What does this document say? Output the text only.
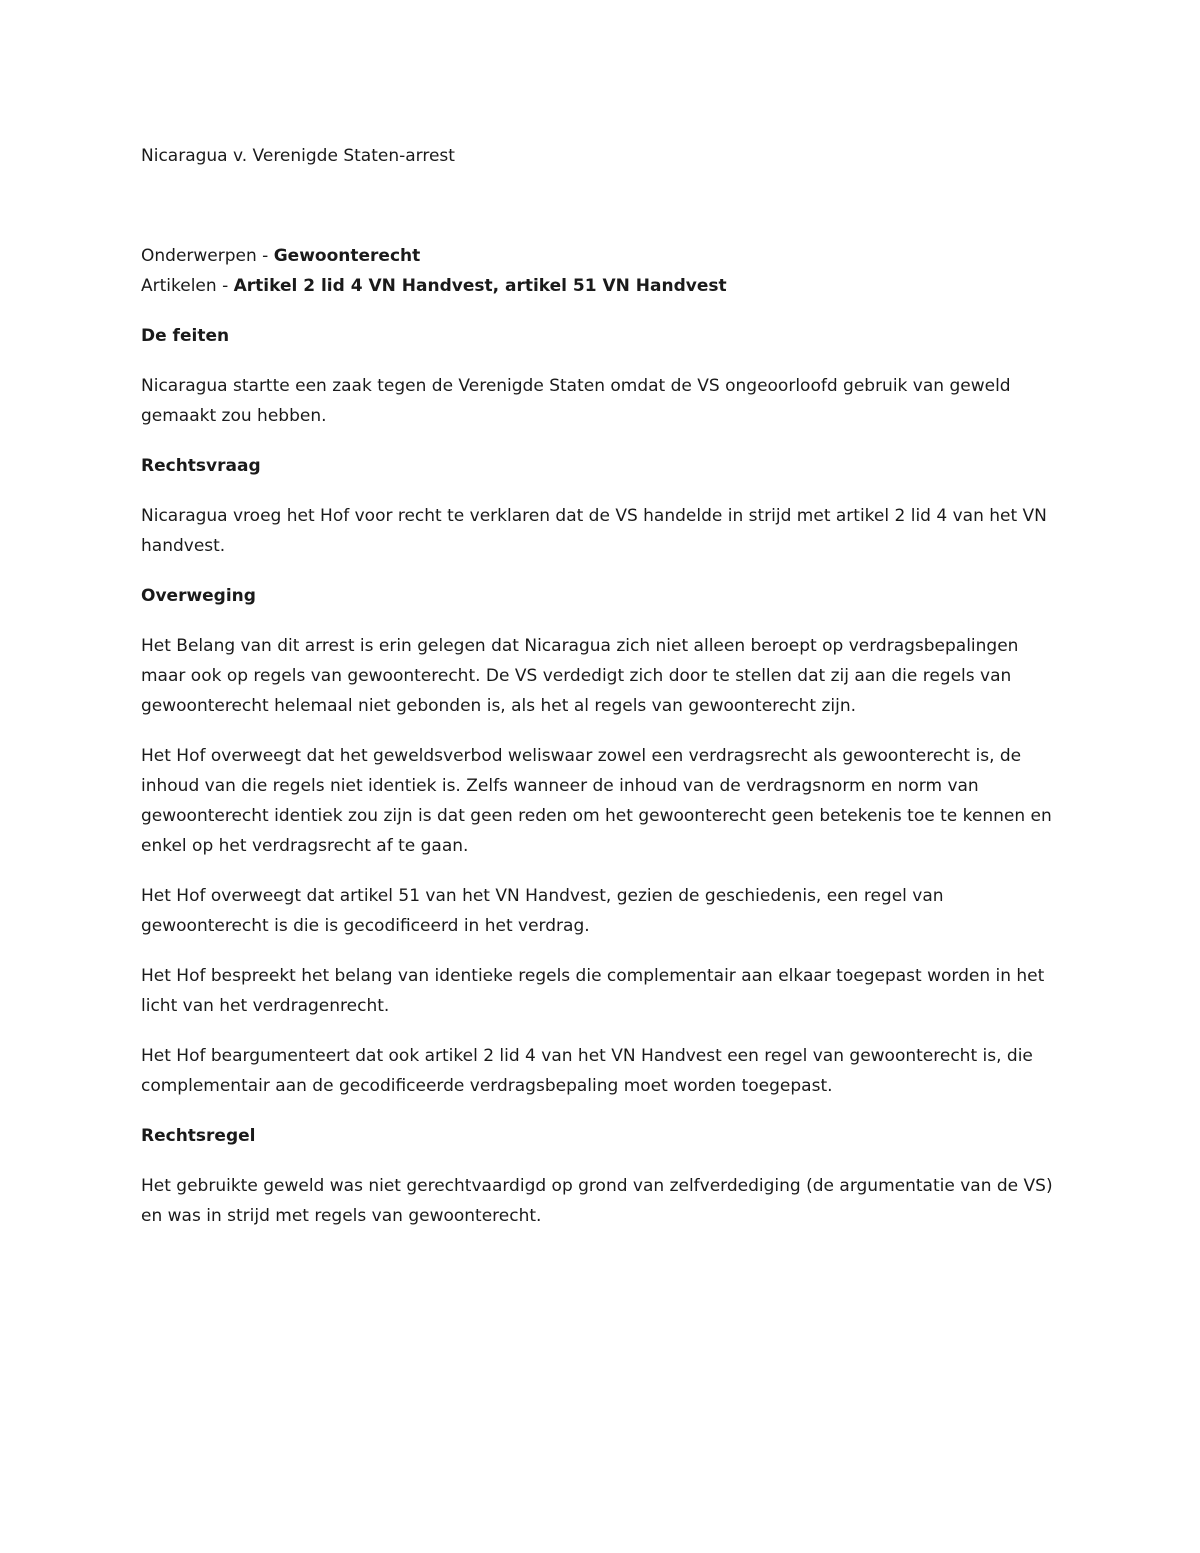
Nicaragua v. Verenigde Staten-arrest

Onderwerpen - Gewoonterecht

Artikelen - Artikel 2 lid 4 VN Handvest, artikel 51 VN Handvest

De feiten

Nicaragua startte een zaak tegen de Verenigde Staten omdat de VS ongeoorloofd gebruik van geweld gemaakt zou hebben.

Rechtsvraag

Nicaragua vroeg het Hof voor recht te verklaren dat de VS handelde in strijd met artikel 2 lid 4 van het VN handvest.

Overweging

Het Belang van dit arrest is erin gelegen dat Nicaragua zich niet alleen beroept op verdragsbepalingen maar ook op regels van gewoonterecht. De VS verdedigt zich door te stellen dat zij aan die regels van gewoonterecht helemaal niet gebonden is, als het al regels van gewoonterecht zijn.

Het Hof overweegt dat het geweldsverbod weliswaar zowel een verdragsrecht als gewoonterecht is, de inhoud van die regels niet identiek is. Zelfs wanneer de inhoud van de verdragsnorm en norm van gewoonterecht identiek zou zijn is dat geen reden om het gewoonterecht geen betekenis toe te kennen en enkel op het verdragsrecht af te gaan.

Het Hof overweegt dat artikel 51 van het VN Handvest, gezien de geschiedenis, een regel van gewoonterecht is die is gecodificeerd in het verdrag.

Het Hof bespreekt het belang van identieke regels die complementair aan elkaar toegepast worden in het licht van het verdragenrecht.

Het Hof beargumenteert dat ook artikel 2 lid 4 van het VN Handvest een regel van gewoonterecht is, die complementair aan de gecodificeerde verdragsbepaling moet worden toegepast.

Rechtsregel

Het gebruikte geweld was niet gerechtvaardigd op grond van zelfverdediging (de argumentatie van de VS) en was in strijd met regels van gewoonterecht.
